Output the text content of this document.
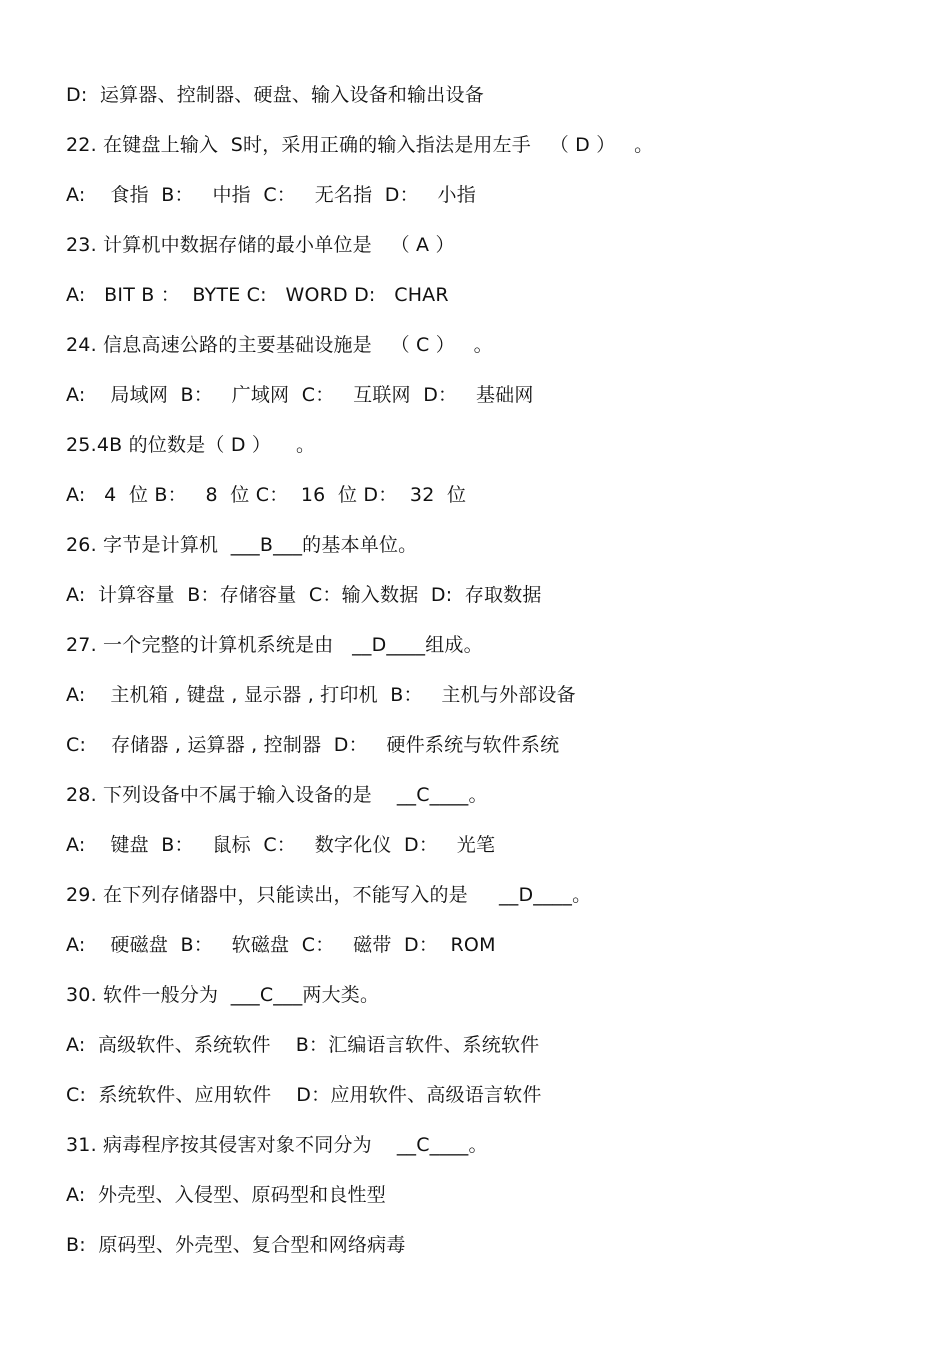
D:  运算器、控制器、硬盘、输入设备和输出设备
22. 在键盘上输入  S时，采用正确的输入指法是用左手   （ D ）   。
A:    食指  B：   中指  C：   无名指  D：   小指
23. 计算机中数据存储的最小单位是   （ A ）
A:   BIT B ：  BYTE C:   WORD D:   CHAR
24. 信息高速公路的主要基础设施是   （ C ）   。
A:    局域网  B：   广域网  C：   互联网  D：   基础网
25.4B 的位数是（ D ）    。
A:   4  位 B：   8  位 C：  16  位 D：  32  位
26. 字节是计算机  ___B___的基本单位。
A:  计算容量  B：存储容量  C：输入数据  D:  存取数据
27. 一个完整的计算机系统是由   __D____组成。
A:    主机箱 , 键盘 , 显示器 , 打印机  B：   主机与外部设备
C:    存储器 , 运算器 , 控制器  D：   硬件系统与软件系统
28. 下列设备中不属于输入设备的是    __C____。
A:    键盘  B：   鼠标  C：   数字化仪  D：   光笔
29. 在下列存储器中，只能读出，不能写入的是     __D____。
A:    硬磁盘  B：   软磁盘  C：   磁带  D：  ROM
30. 软件一般分为  ___C___两大类。
A:  高级软件、系统软件    B：汇编语言软件、系统软件
C:  系统软件、应用软件    D：应用软件、高级语言软件
31. 病毒程序按其侵害对象不同分为    __C____。
A:  外壳型、入侵型、原码型和良性型
B:  原码型、外壳型、复合型和网络病毒
